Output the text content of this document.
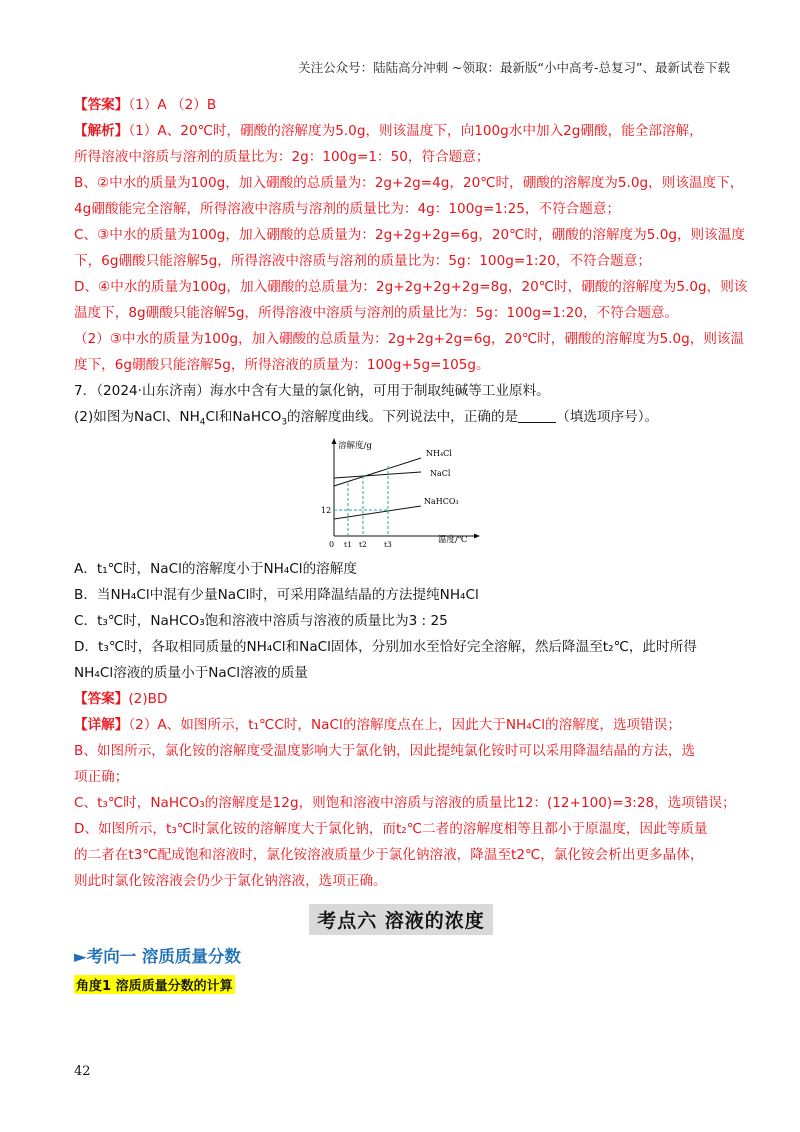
关注公众号：陆陆高分冲刺 ~领取：最新版“小中高考-总复习”、最新试卷下载
【答案】（1）A （2）B
【解析】（1）A、20℃时，硼酸的溶解度为5.0g，则该温度下，向100g水中加入2g硼酸，能全部溶解，
所得溶液中溶质与溶剂的质量比为：2g：100g=1：50，符合题意；
B、②中水的质量为100g，加入硼酸的总质量为：2g+2g=4g，20℃时，硼酸的溶解度为5.0g，则该温度下，
4g硼酸能完全溶解，所得溶液中溶质与溶剂的质量比为：4g：100g=1:25，不符合题意；
C、③中水的质量为100g，加入硼酸的总质量为：2g+2g+2g=6g，20℃时，硼酸的溶解度为5.0g，则该温度
下，6g硼酸只能溶解5g，所得溶液中溶质与溶剂的质量比为：5g：100g=1:20，不符合题意；
D、④中水的质量为100g，加入硼酸的总质量为：2g+2g+2g+2g=8g，20℃时，硼酸的溶解度为5.0g，则该
温度下，8g硼酸只能溶解5g，所得溶液中溶质与溶剂的质量比为：5g：100g=1:20，不符合题意。
（2）③中水的质量为100g，加入硼酸的总质量为：2g+2g+2g=6g，20℃时，硼酸的溶解度为5.0g，则该温
度下，6g硼酸只能溶解5g，所得溶液的质量为：100g+5g=105g。
7．（2024·山东济南）海水中含有大量的氯化钠，可用于制取纯碱等工业原料。
(2)如图为NaCl、$NH_4Cl$和NaHCO$_3$的溶解度曲线。下列说法中，正确的是	（填选项序号）。
溶解度/g
温度/℃
0
12
t1 t2 t3
NH₄Cl
NaCl
NaHCO₃
A．t₁℃时，NaCl的溶解度小于NH₄Cl的溶解度
B．当NH₄Cl中混有少量NaCl时，可采用降温结晶的方法提纯NH₄Cl
C．t₃℃时，NaHCO₃饱和溶液中溶质与溶液的质量比为3 : 25
D．t₃℃时，各取相同质量的NH₄Cl和NaCl固体，分别加水至恰好完全溶解，然后降温至t₂℃，此时所得
NH₄Cl溶液的质量小于NaCl溶液的质量
【答案】(2)BD
【详解】（2）A、如图所示，t₁℃C时，NaCl的溶解度点在上，因此大于NH₄Cl的溶解度，选项错误；
B、如图所示，氯化铵的溶解度受温度影响大于氯化钠，因此提纯氯化铵时可以采用降温结晶的方法，选
项正确；
C、t₃℃时，NaHCO₃的溶解度是12g，则饱和溶液中溶质与溶液的质量比12：(12+100)=3:28，选项错误；
D、如图所示，t₃℃时氯化铵的溶解度大于氯化钠，而t₂℃二者的溶解度相等且都小于原温度，因此等质量
的二者在t3℃配成饱和溶液时，氯化铵溶液质量少于氯化钠溶液，降温至t2℃，氯化铵会析出更多晶体，
则此时氯化铵溶液会仍少于氯化钠溶液，选项正确。
考点六 溶液的浓度
►考向一 溶质质量分数
角度1 溶质质量分数的计算
42
